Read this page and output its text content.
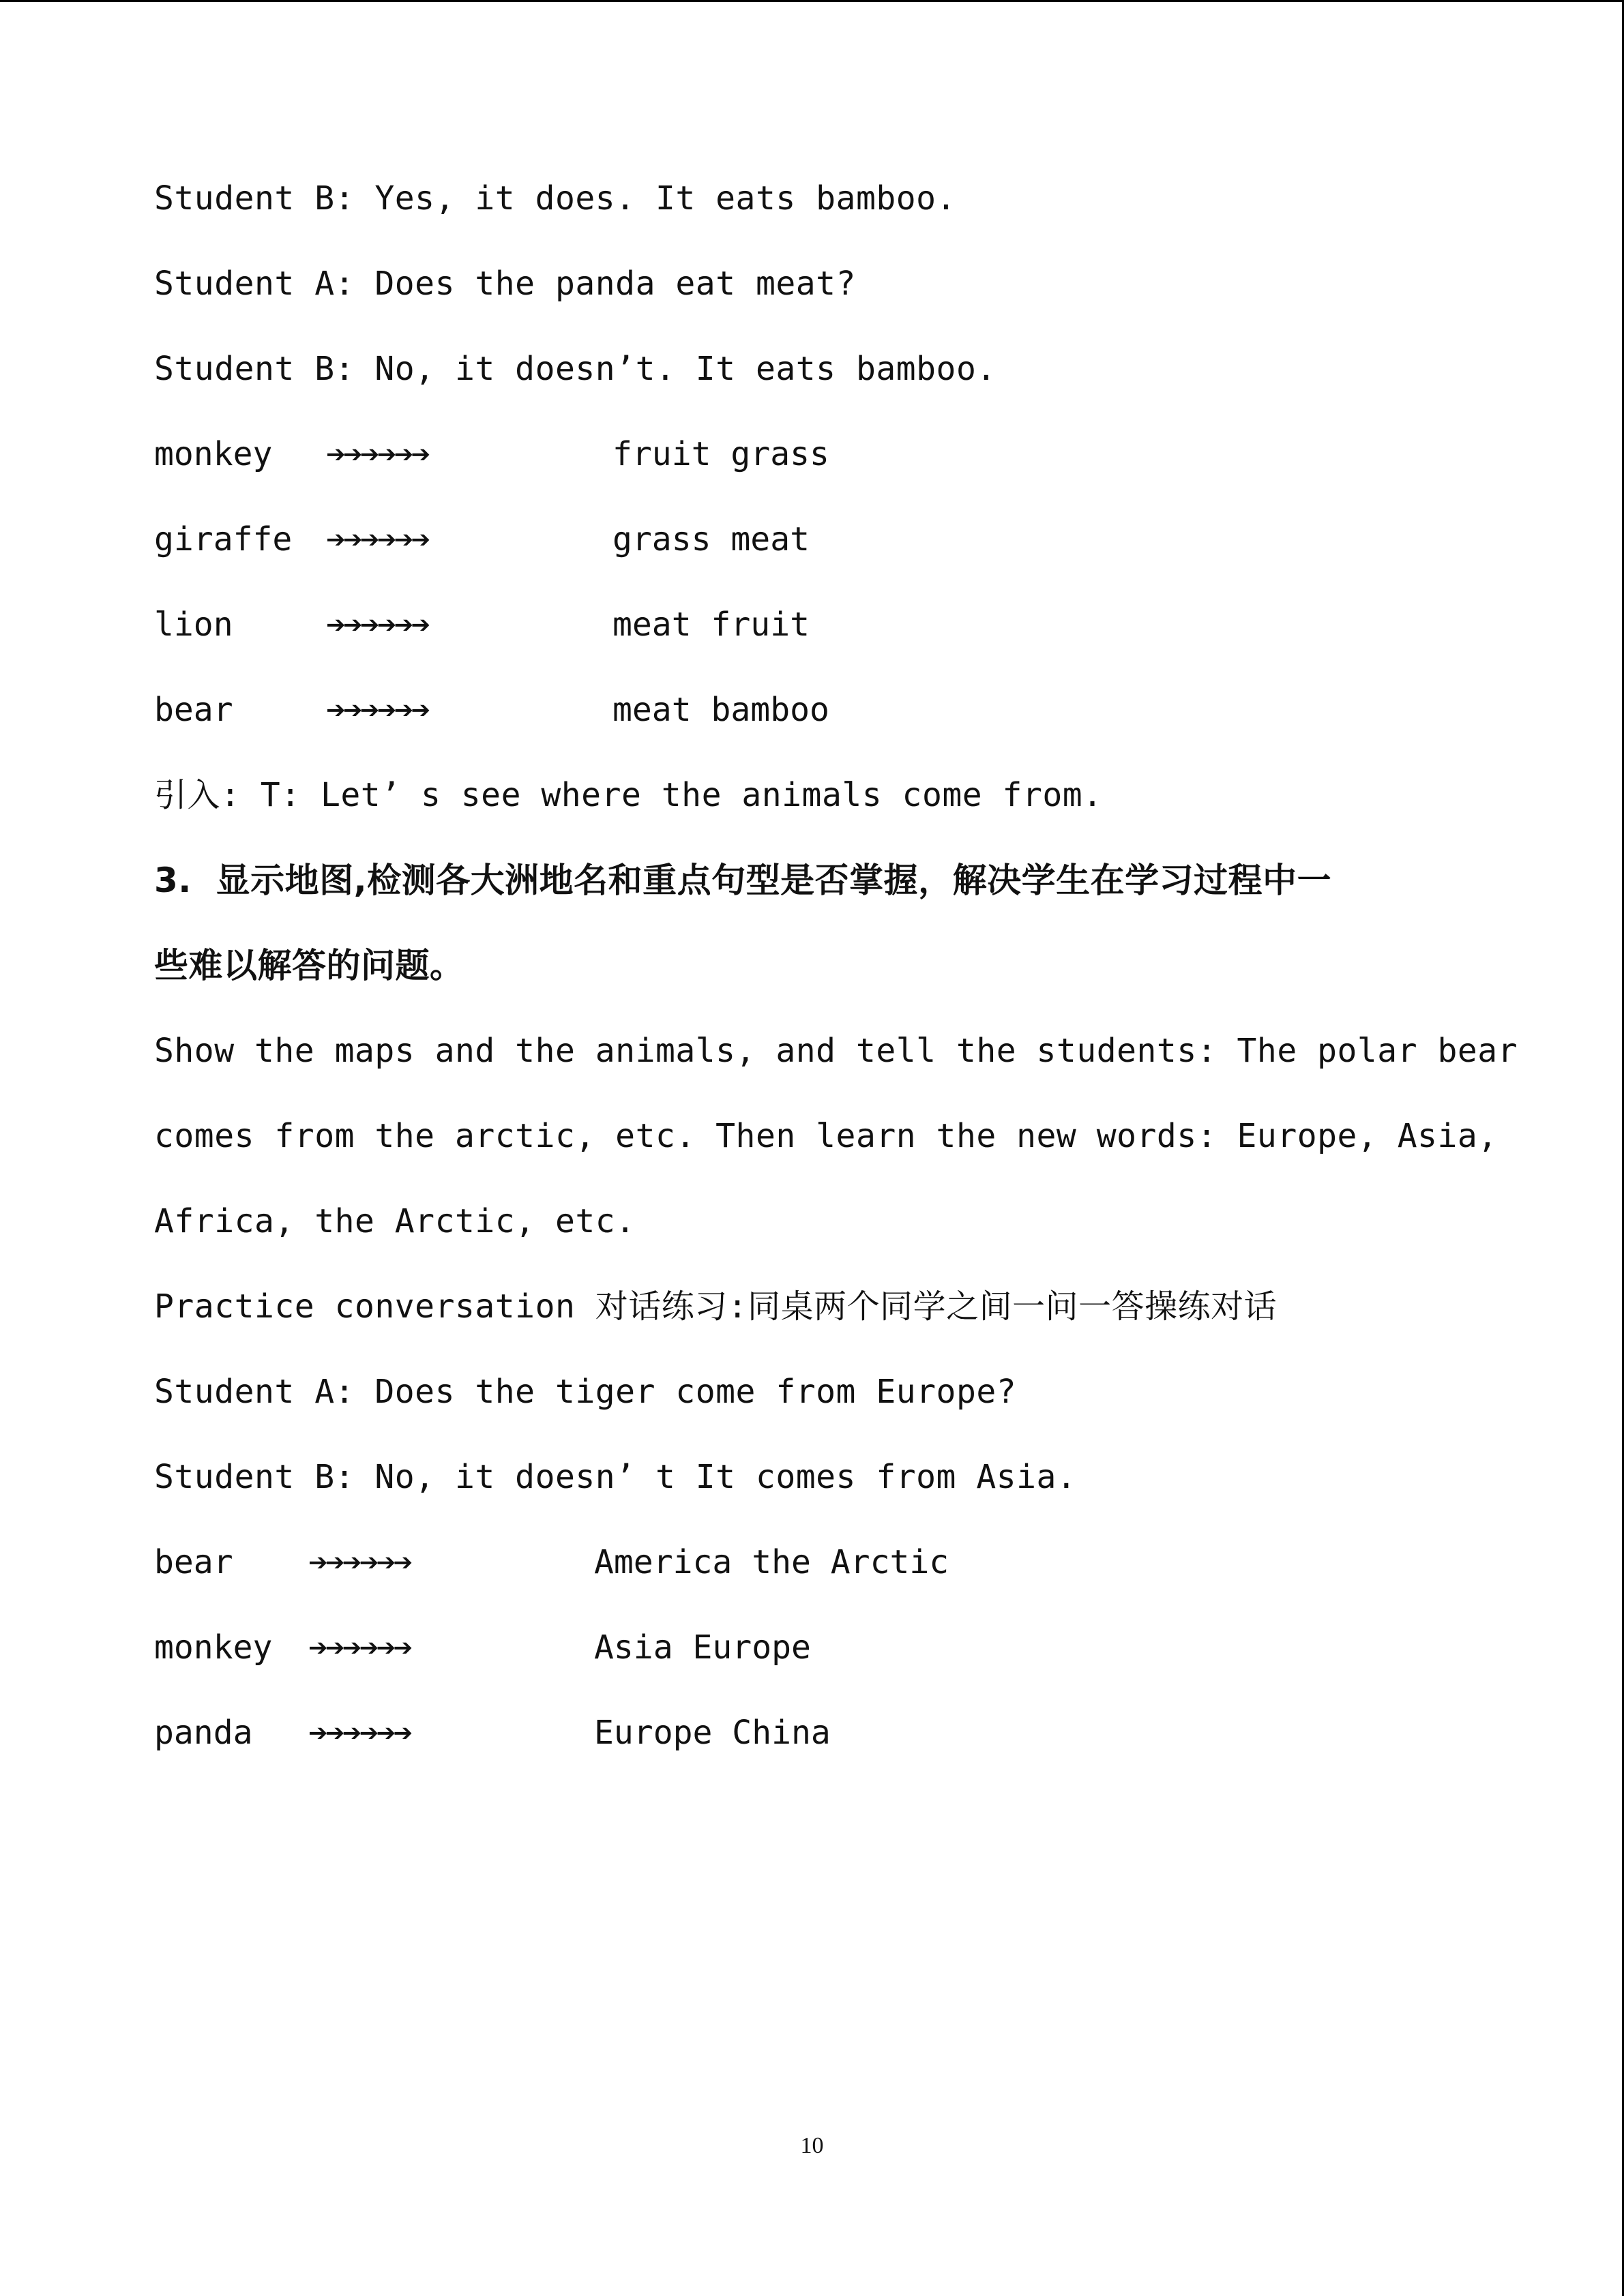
Student B: Yes, it does. It eats bamboo.
Student A: Does the panda eat meat?
Student B: No, it doesn’t. It eats bamboo.
monkey ➔➔➔➔➔➔	fruit grass
giraffe ➔➔➔➔➔➔	grass meat
lion	➔➔➔➔➔➔	meat fruit
bear	➔➔➔➔➔➔	meat bamboo
引入: T: Let’ s see where the animals come from.
3.  显示地图,检测各大洲地名和重点句型是否掌握，解决学生在学习过程中一
些难以解答的问题。
Show the maps and the animals, and tell the students: The polar bear
comes from the arctic, etc. Then learn the new words: Europe, Asia,
Africa, the Arctic, etc.
Practice conversation 对话练习:同桌两个同学之间一问一答操练对话
Student A: Does the tiger come from Europe?
Student B: No, it doesn’ t It comes from Asia.
bear ➔➔➔➔➔➔	America the Arctic
monkey ➔➔➔➔➔➔	Asia Europe
panda ➔➔➔➔➔➔	Europe China
10
